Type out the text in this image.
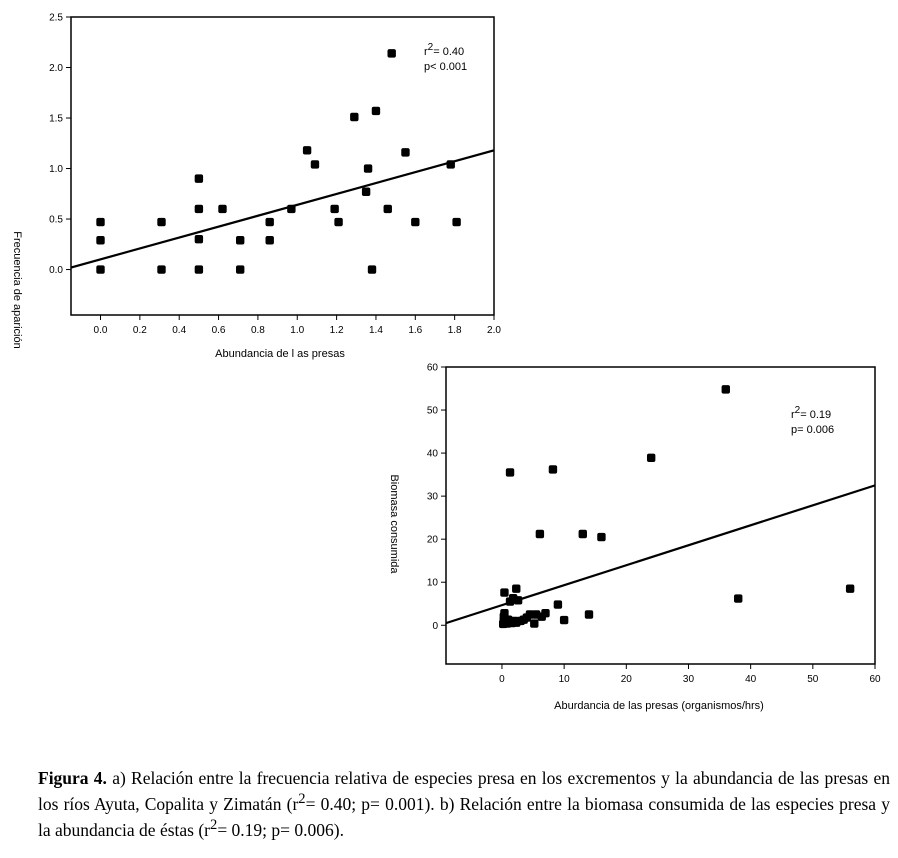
0.0	0.2	0.4	0.6	0.8	1.0	1.2	1.4	1.6	1.8	2.0
0.0
0.5
1.0
1.5
2.0
2.5
Abundancia de l as presas
Frecuencia de aparición
r2= 0.40
p< 0.001
0	10	20	30	40	50	60
0
10
20
30
40
50
60
Aburdancia de las presas (organismos/hrs)
Biomasa consumida
r2= 0.19
p= 0.006

Figura 4. a) Relación entre la frecuencia relativa de especies presa en los excrementos y la abundancia de las presas en los ríos Ayuta, Copalita y Zimatán ($r^2= 0.40$; p= 0.001). b) Relación entre la biomasa consumida de las especies presa y la abundancia de éstas ($r^2= 0.19$; p= 0.006).
